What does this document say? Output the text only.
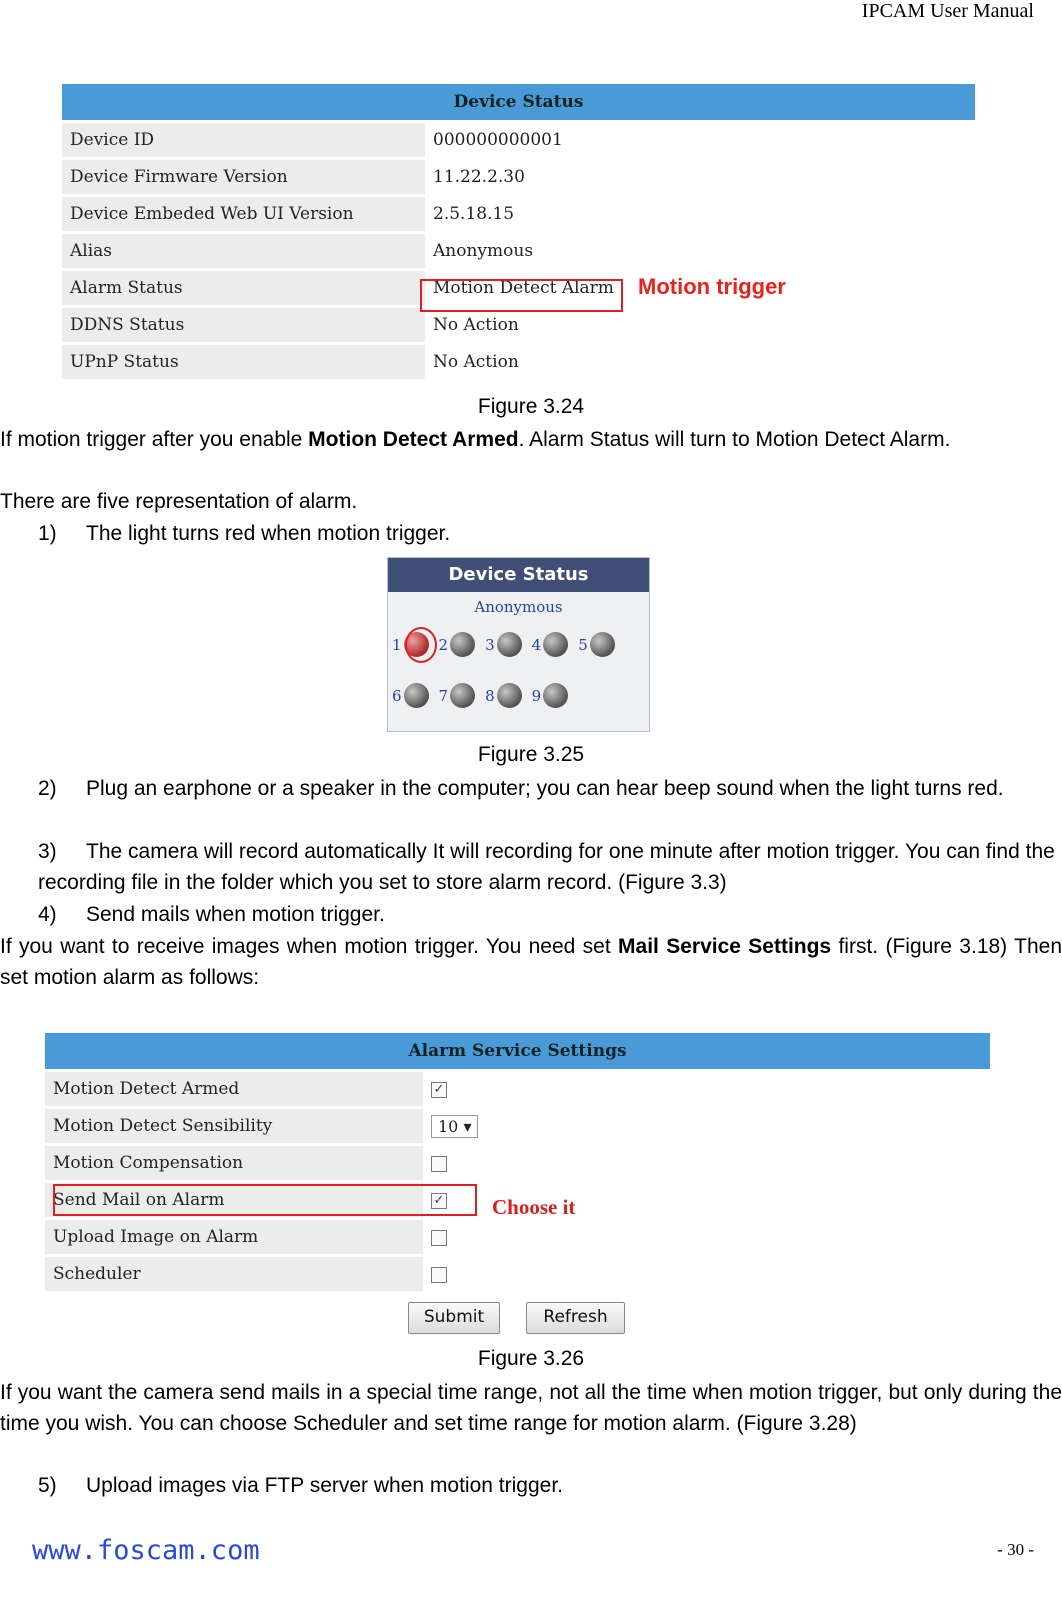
IPCAM User Manual
Device Status	
Device ID	000000000001
Device Firmware Version	11.22.2.30
Device Embeded Web UI Version	2.5.18.15
Alias	Anonymous
Alarm Status	Motion Detect Alarm
DDNS Status	No Action
UPnP Status	No Action
Motion trigger
Figure 3.24
If motion trigger after you enable Motion Detect Armed. Alarm Status will turn to Motion Detect Alarm.
There are five representation of alarm.
1) The light turns red when motion trigger.
Device Status
Anonymous
1 2 3 4 5
6 7 8 9
Figure 3.25
2) Plug an earphone or a speaker in the computer; you can hear beep sound when the light turns red.
3) The camera will record automatically It will recording for one minute after motion trigger. You can find the recording file in the folder which you set to store alarm record. (Figure 3.3)
4) Send mails when motion trigger.
If you want to receive images when motion trigger. You need set Mail Service Settings first. (Figure 3.18) Then set motion alarm as follows:
Alarm Service Settings	
Motion Detect Armed	✓
Motion Detect Sensibility	10 ▾
Motion Compensation	
Send Mail on Alarm	✓
Upload Image on Alarm	
Scheduler	
Submit	Refresh
Choose it
Figure 3.26
If you want the camera send mails in a special time range, not all the time when motion trigger, but only during the time you wish. You can choose Scheduler and set time range for motion alarm. (Figure 3.28)
5) Upload images via FTP server when motion trigger.
www.foscam.com	- 30 -
